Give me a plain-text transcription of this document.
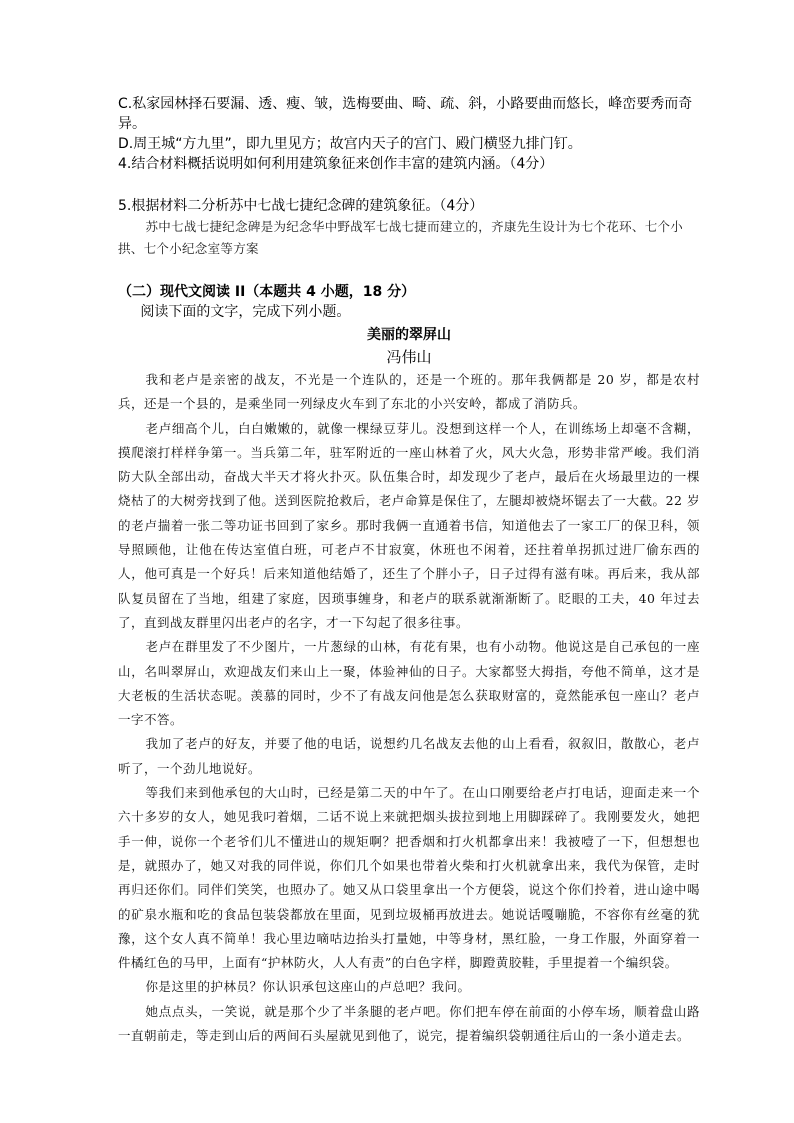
C.私家园林择石要漏、透、瘦、皱，选梅要曲、畸、疏、斜，小路要曲而悠长，峰峦要秀而奇异。

D.周王城“方九里”，即九里见方；故宫内天子的宫门、殿门横竖九排门钉。

4.结合材料概括说明如何利用建筑象征来创作丰富的建筑内涵。（4分）

5.根据材料二分析苏中七战七捷纪念碑的建筑象征。（4分）

苏中七战七捷纪念碑是为纪念华中野战军七战七捷而建立的，齐康先生设计为七个花环、七个小拱、七个小纪念室等方案

（二）现代文阅读 II（本题共 4 小题，18 分）

阅读下面的文字，完成下列小题。

美丽的翠屏山

冯伟山

我和老卢是亲密的战友，不光是一个连队的，还是一个班的。那年我俩都是 20 岁，都是农村兵，还是一个县的，是乘坐同一列绿皮火车到了东北的小兴安岭，都成了消防兵。

老卢细高个儿，白白嫩嫩的，就像一棵绿豆芽儿。没想到这样一个人，在训练场上却毫不含糊，摸爬滚打样样争第一。当兵第二年，驻军附近的一座山林着了火，风大火急，形势非常严峻。我们消防大队全部出动，奋战大半天才将火扑灭。队伍集合时，却发现少了老卢，最后在火场最里边的一棵烧枯了的大树旁找到了他。送到医院抢救后，老卢命算是保住了，左腿却被烧坏锯去了一大截。22 岁的老卢揣着一张二等功证书回到了家乡。那时我俩一直通着书信，知道他去了一家工厂的保卫科，领导照顾他，让他在传达室值白班，可老卢不甘寂寞，休班也不闲着，还拄着单拐抓过进厂偷东西的人，他可真是一个好兵！后来知道他结婚了，还生了个胖小子，日子过得有滋有味。再后来，我从部队复员留在了当地，组建了家庭，因琐事缠身，和老卢的联系就渐渐断了。眨眼的工夫，40 年过去了，直到战友群里闪出老卢的名字，才一下勾起了很多往事。

老卢在群里发了不少图片，一片葱绿的山林，有花有果，也有小动物。他说这是自己承包的一座山，名叫翠屏山，欢迎战友们来山上一聚，体验神仙的日子。大家都竖大拇指，夸他不简单，这才是大老板的生活状态呢。羡慕的同时，少不了有战友问他是怎么获取财富的，竟然能承包一座山？老卢一字不答。

我加了老卢的好友，并要了他的电话，说想约几名战友去他的山上看看，叙叙旧，散散心，老卢听了，一个劲儿地说好。

等我们来到他承包的大山时，已经是第二天的中午了。在山口刚要给老卢打电话，迎面走来一个六十多岁的女人，她见我叼着烟，二话不说上来就把烟头拔拉到地上用脚踩碎了。我刚要发火，她把手一伸，说你一个老爷们儿不懂进山的规矩啊？把香烟和打火机都拿出来！我被噎了一下，但想想也是，就照办了，她又对我的同伴说，你们几个如果也带着火柴和打火机就拿出来，我代为保管，走时再归还你们。同伴们笑笑，也照办了。她又从口袋里拿出一个方便袋，说这个你们拎着，进山途中喝的矿泉水瓶和吃的食品包装袋都放在里面，见到垃圾桶再放进去。她说话嘎嘣脆，不容你有丝毫的犹豫，这个女人真不简单！我心里边嘀咕边抬头打量她，中等身材，黑红脸，一身工作服，外面穿着一件橘红色的马甲，上面有“护林防火，人人有责”的白色字样，脚蹬黄胶鞋，手里提着一个编织袋。

你是这里的护林员？你认识承包这座山的卢总吧？我问。

她点点头，一笑说，就是那个少了半条腿的老卢吧。你们把车停在前面的小停车场，顺着盘山路一直朝前走，等走到山后的两间石头屋就见到他了，说完，提着编织袋朝通往后山的一条小道走去。
